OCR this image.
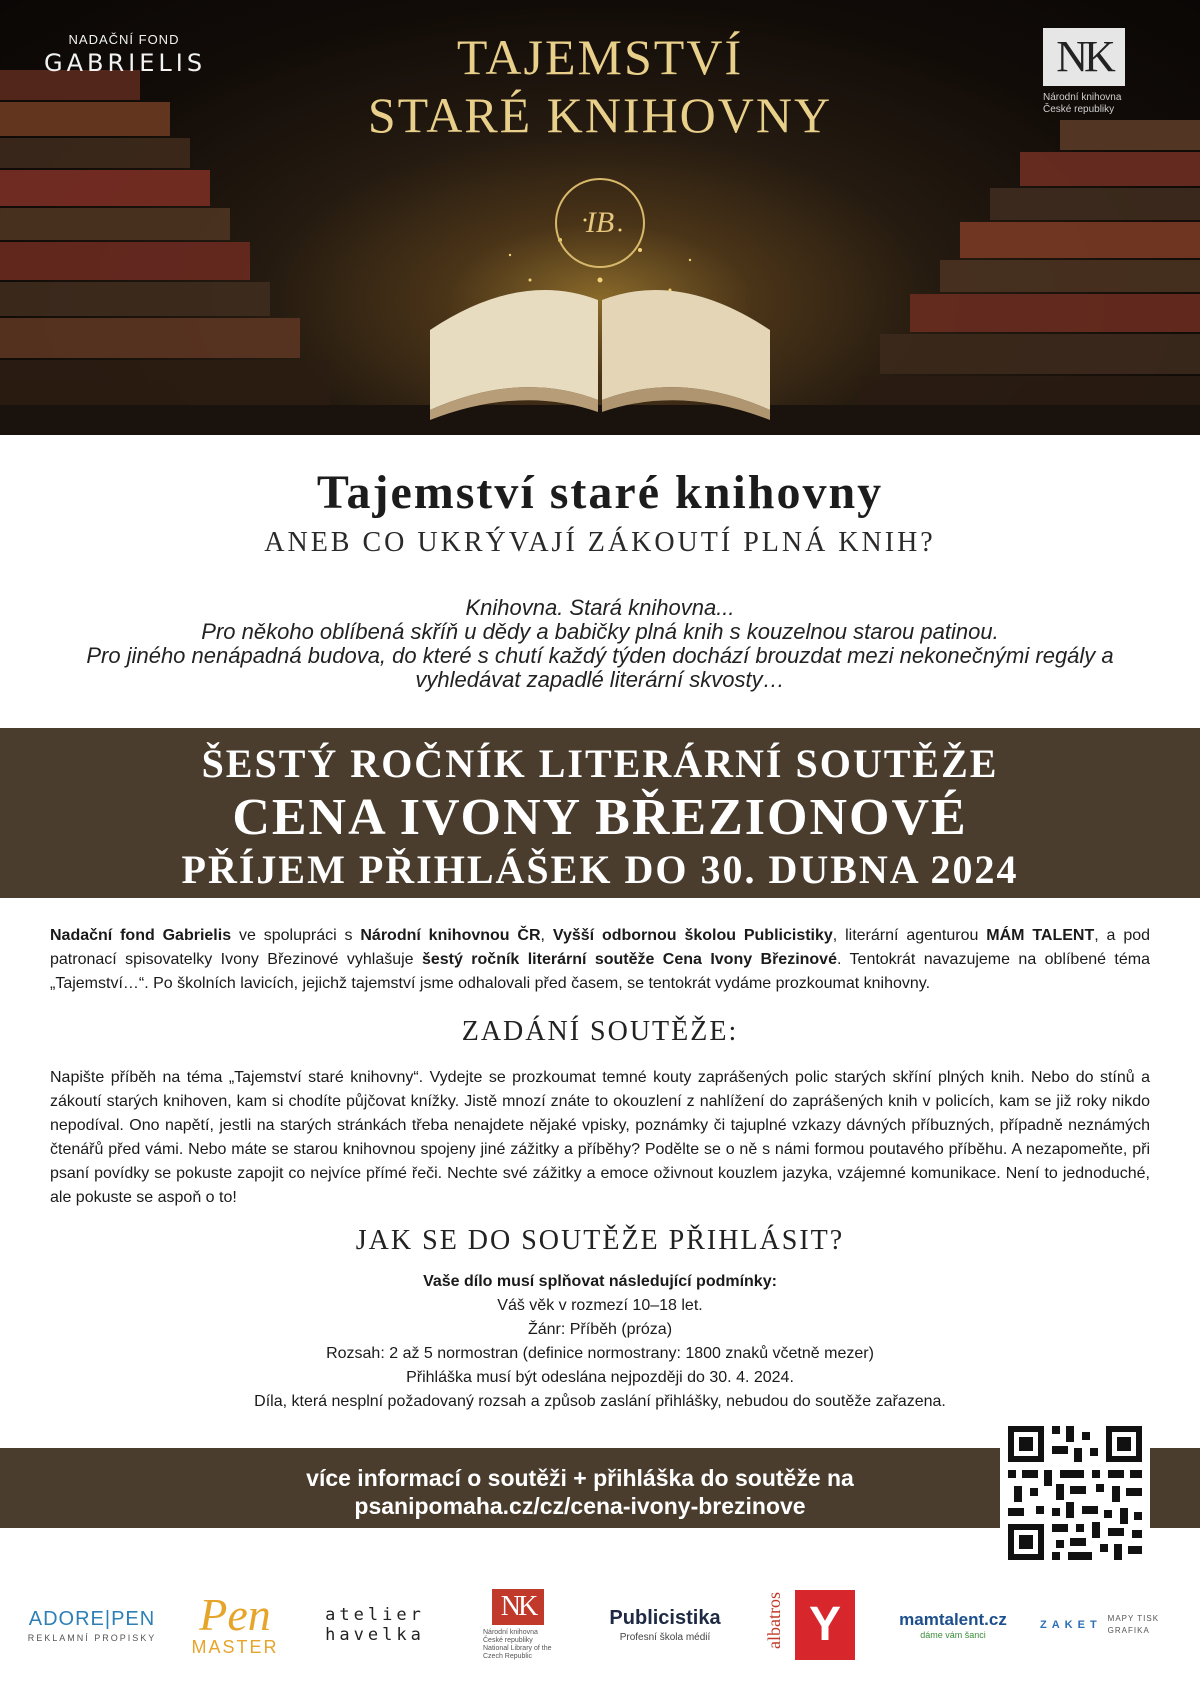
NADAČNÍ FOND
GABRIELIS	TAJEMSTVÍ
STARÉ KNIHOVNY
IB
NK
Národní knihovna
České republiky
Tajemství staré knihovny
ANEB CO UKRÝVAJÍ ZÁKOUTÍ PLNÁ KNIH?
Knihovna. Stará knihovna...
Pro někoho oblíbená skříň u dědy a babičky plná knih s kouzelnou starou patinou.
Pro jiného nenápadná budova, do které s chutí každý týden dochází brouzdat mezi nekonečnými regály a vyhledávat zapadlé literární skvosty…
ŠESTÝ ROČNÍK LITERÁRNÍ SOUTĚŽE
CENA IVONY BŘEZIONOVÉ
PŘÍJEM PŘIHLÁŠEK DO 30. DUBNA 2024
Nadační fond Gabrielis ve spolupráci s Národní knihovnou ČR, Vyšší odbornou školou Publicistiky, literární agenturou MÁM TALENT, a pod patronací spisovatelky Ivony Březinové vyhlašuje šestý ročník literární soutěže Cena Ivony Březinové. Tentokrát navazujeme na oblíbené téma „Tajemství…“. Po školních lavicích, jejichž tajemství jsme odhalovali před časem, se tentokrát vydáme prozkoumat knihovny.
ZADÁNÍ SOUTĚŽE:
Napište příběh na téma „Tajemství staré knihovny“. Vydejte se prozkoumat temné kouty zaprášených polic starých skříní plných knih. Nebo do stínů a zákoutí starých knihoven, kam si chodíte půjčovat knížky. Jistě mnozí znáte to okouzlení z nahlížení do zaprášených knih v policích, kam se již roky nikdo nepodíval. Ono napětí, jestli na starých stránkách třeba nenajdete nějaké vpisky, poznámky či tajuplné vzkazy dávných příbuzných, případně neznámých čtenářů před vámi. Nebo máte se starou knihovnou spojeny jiné zážitky a příběhy? Podělte se o ně s námi formou poutavého příběhu. A nezapomeňte, při psaní povídky se pokuste zapojit co nejvíce přímé řeči. Nechte své zážitky a emoce oživnout kouzlem jazyka, vzájemné komunikace. Není to jednoduché, ale pokuste se aspoň o to!
JAK SE DO SOUTĚŽE PŘIHLÁSIT?
Vaše dílo musí splňovat následující podmínky:
Váš věk v rozmezí 10–18 let.
Žánr: Příběh (próza)
Rozsah: 2 až 5 normostran (definice normostrany: 1800 znaků včetně mezer)
Přihláška musí být odeslána nejpozději do 30. 4. 2024.
Díla, která nesplní požadovaný rozsah a způsob zaslání přihlášky, nebudou do soutěže zařazena.
více informací o soutěži + přihláška do soutěže na
psanipomaha.cz/cz/cena-ivony-brezinove
ADORE|PEN
REKLAMNÍ PROPISKY Pen
MASTER
atelier havelka
NK
Národní knihovna České republiky National Library of the Czech Republic
Publicistika
Profesní škola médií	albatros Y	mamtalent.cz
dáme vám šanci
ZAKET
MAPY TISK GRAFIKA
